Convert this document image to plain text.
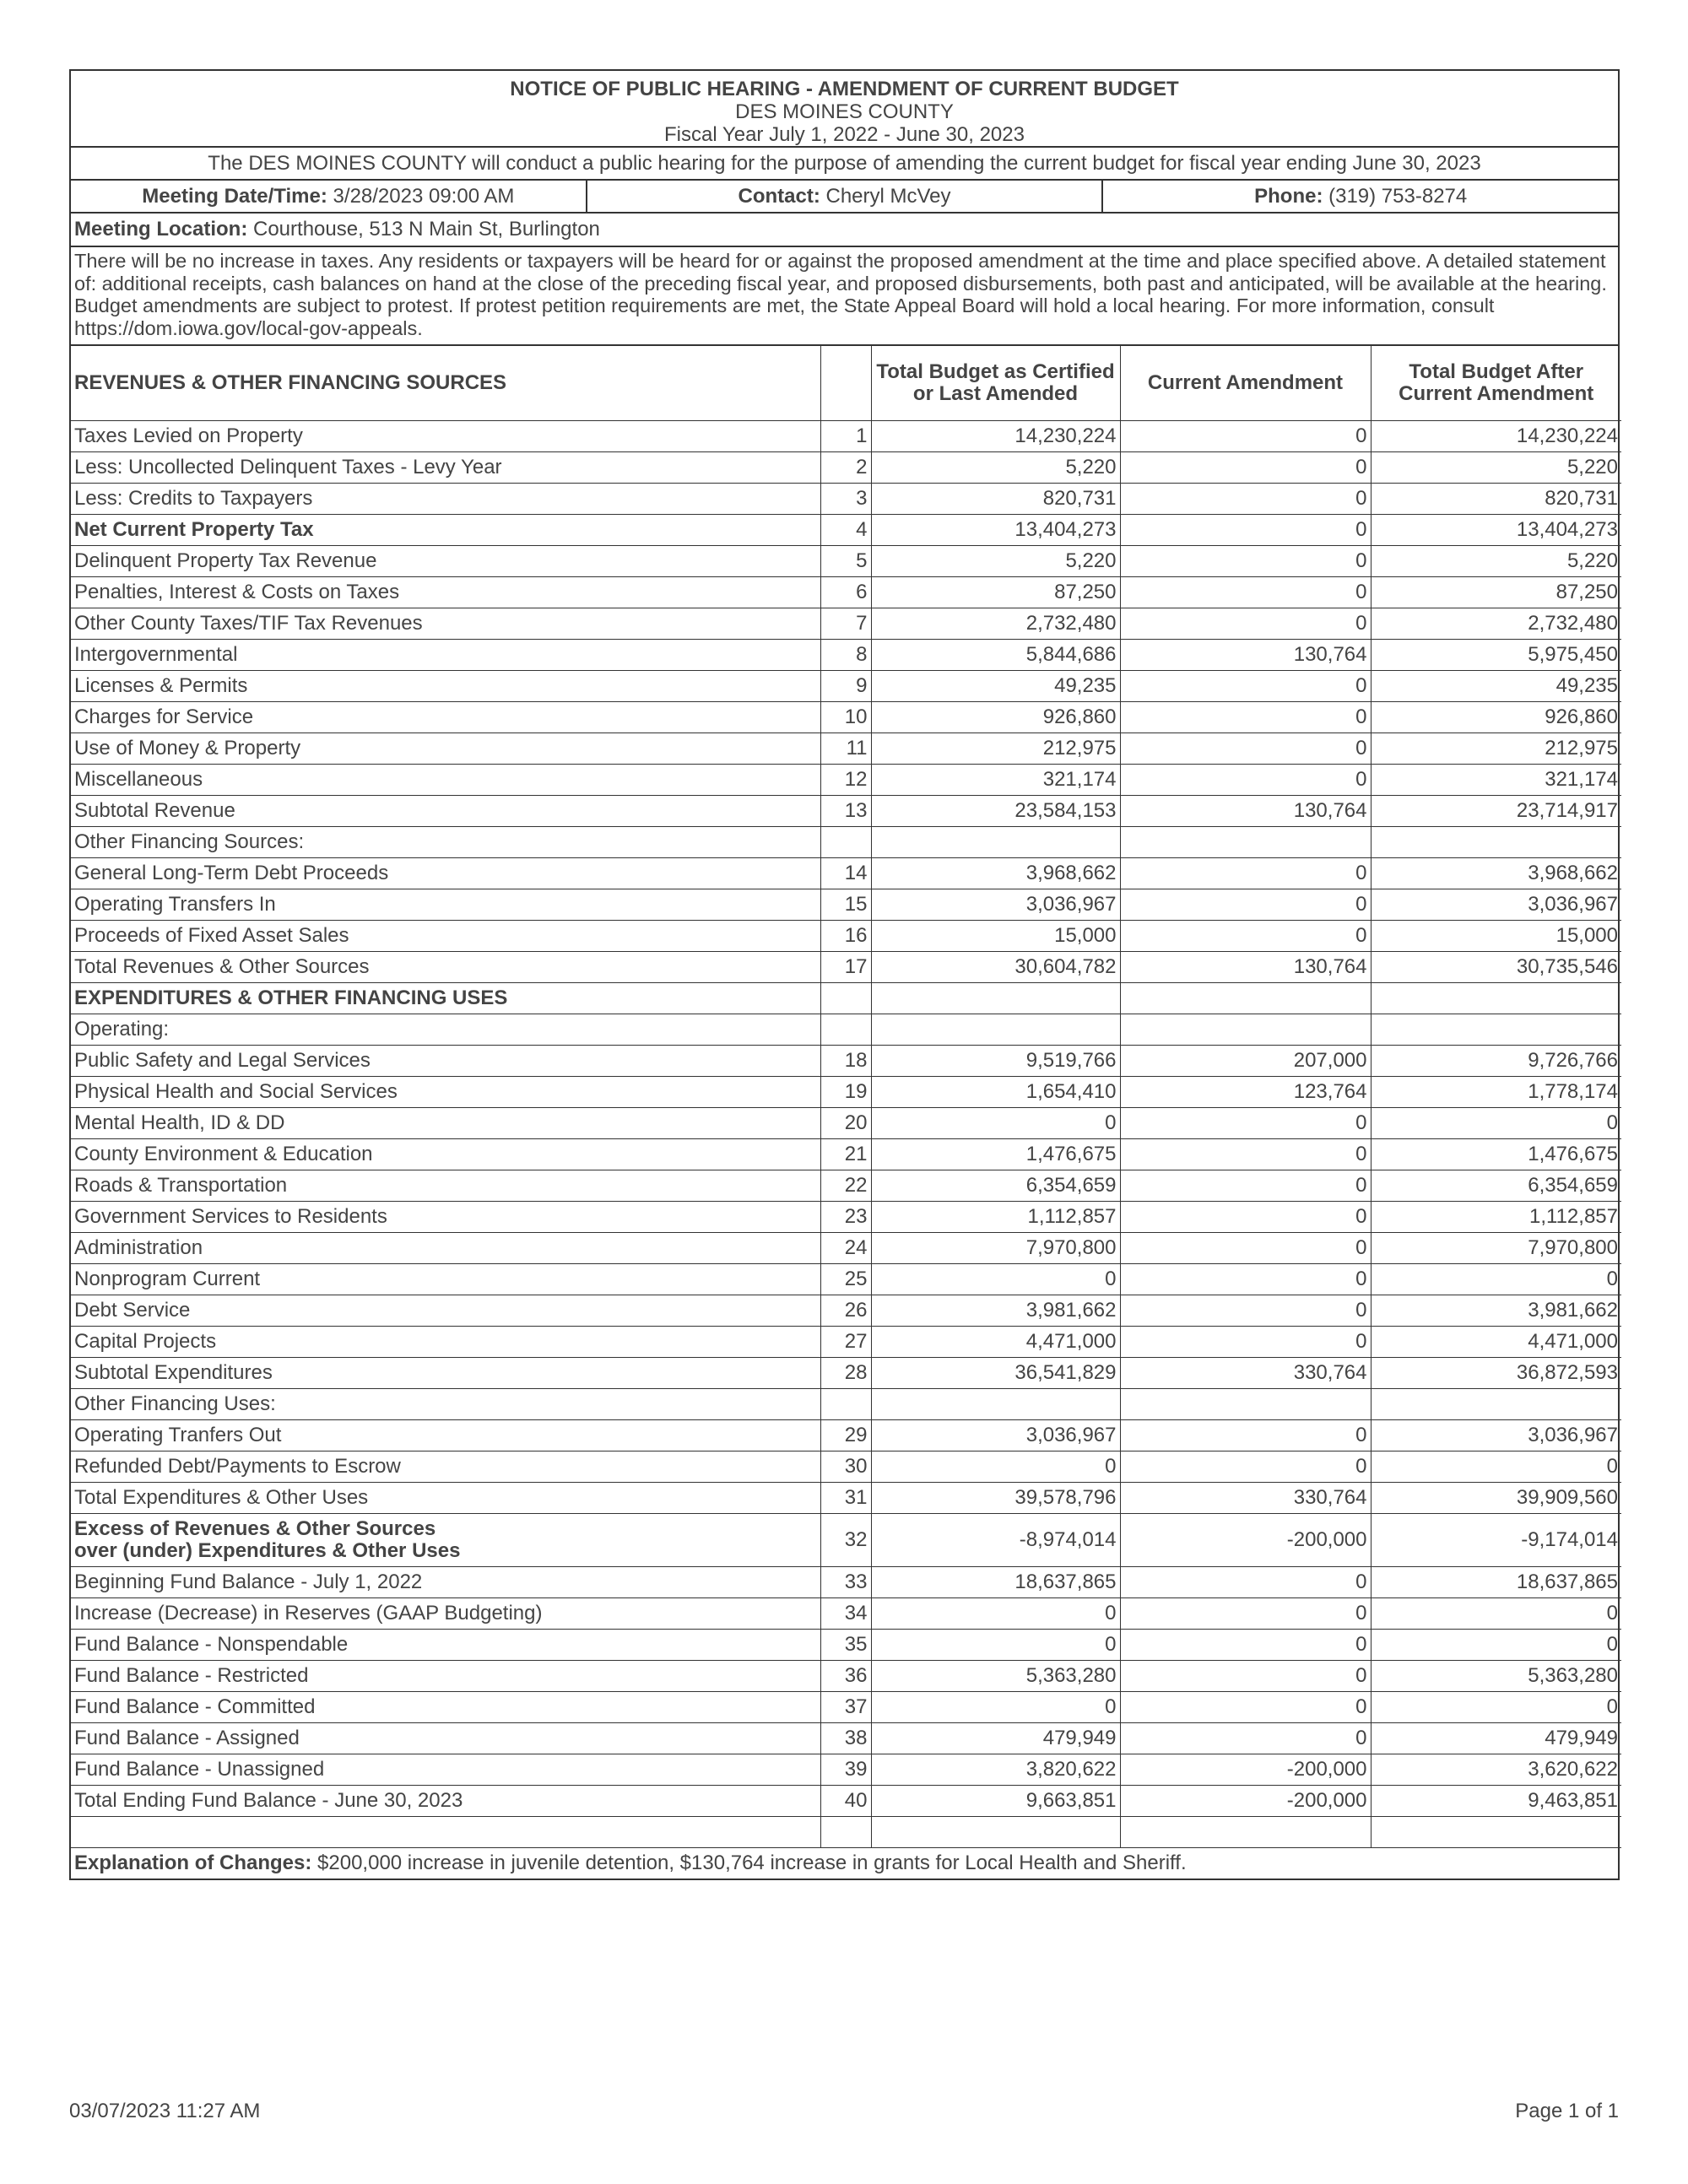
NOTICE OF PUBLIC HEARING - AMENDMENT OF CURRENT BUDGET
DES MOINES COUNTY
Fiscal Year July 1, 2022 - June 30, 2023
The DES MOINES COUNTY will conduct a public hearing for the purpose of amending the current budget for fiscal year ending June 30, 2023
Meeting Date/Time: 3/28/2023 09:00 AM	Contact: Cheryl McVey	Phone: (319) 753-8274
Meeting Location: Courthouse, 513 N Main St, Burlington
There will be no increase in taxes. Any residents or taxpayers will be heard for or against the proposed amendment at the time and place specified above. A detailed statement of: additional receipts, cash balances on hand at the close of the preceding fiscal year, and proposed disbursements, both past and anticipated, will be available at the hearing. Budget amendments are subject to protest. If protest petition requirements are met, the State Appeal Board will hold a local hearing. For more information, consult https://dom.iowa.gov/local-gov-appeals.
REVENUES & OTHER FINANCING SOURCES		Total Budget as Certified or Last Amended	Current Amendment	Total Budget After Current Amendment
Taxes Levied on Property	1	14,230,224	0	14,230,224
Less: Uncollected Delinquent Taxes - Levy Year	2	5,220	0	5,220
Less: Credits to Taxpayers	3	820,731	0	820,731
Net Current Property Tax	4	13,404,273	0	13,404,273
Delinquent Property Tax Revenue	5	5,220	0	5,220
Penalties, Interest & Costs on Taxes	6	87,250	0	87,250
Other County Taxes/TIF Tax Revenues	7	2,732,480	0	2,732,480
Intergovernmental	8	5,844,686	130,764	5,975,450
Licenses & Permits	9	49,235	0	49,235
Charges for Service	10	926,860	0	926,860
Use of Money & Property	11	212,975	0	212,975
Miscellaneous	12	321,174	0	321,174
Subtotal Revenue	13	23,584,153	130,764	23,714,917
Other Financing Sources:				
General Long-Term Debt Proceeds	14	3,968,662	0	3,968,662
Operating Transfers In	15	3,036,967	0	3,036,967
Proceeds of Fixed Asset Sales	16	15,000	0	15,000
Total Revenues & Other Sources	17	30,604,782	130,764	30,735,546
EXPENDITURES & OTHER FINANCING USES				
Operating:				
Public Safety and Legal Services	18	9,519,766	207,000	9,726,766
Physical Health and Social Services	19	1,654,410	123,764	1,778,174
Mental Health, ID & DD	20	0	0	0
County Environment & Education	21	1,476,675	0	1,476,675
Roads & Transportation	22	6,354,659	0	6,354,659
Government Services to Residents	23	1,112,857	0	1,112,857
Administration	24	7,970,800	0	7,970,800
Nonprogram Current	25	0	0	0
Debt Service	26	3,981,662	0	3,981,662
Capital Projects	27	4,471,000	0	4,471,000
Subtotal Expenditures	28	36,541,829	330,764	36,872,593
Other Financing Uses:				
Operating Tranfers Out	29	3,036,967	0	3,036,967
Refunded Debt/Payments to Escrow	30	0	0	0
Total Expenditures & Other Uses	31	39,578,796	330,764	39,909,560

Excess of Revenues & Other Sources
over (under) Expenditures & Other Uses	32	-8,974,014	-200,000	-9,174,014
Beginning Fund Balance - July 1, 2022	33	18,637,865	0	18,637,865
Increase (Decrease) in Reserves (GAAP Budgeting)	34	0	0	0
Fund Balance - Nonspendable	35	0	0	0
Fund Balance - Restricted	36	5,363,280	0	5,363,280
Fund Balance - Committed	37	0	0	0
Fund Balance - Assigned	38	479,949	0	479,949
Fund Balance - Unassigned	39	3,820,622	-200,000	3,620,622
Total Ending Fund Balance - June 30, 2023	40	9,663,851	-200,000	9,463,851

Explanation of Changes: $200,000 increase in juvenile detention, $130,764 increase in grants for Local Health and Sheriff.				
03/07/2023 11:27 AM	Page 1 of 1
